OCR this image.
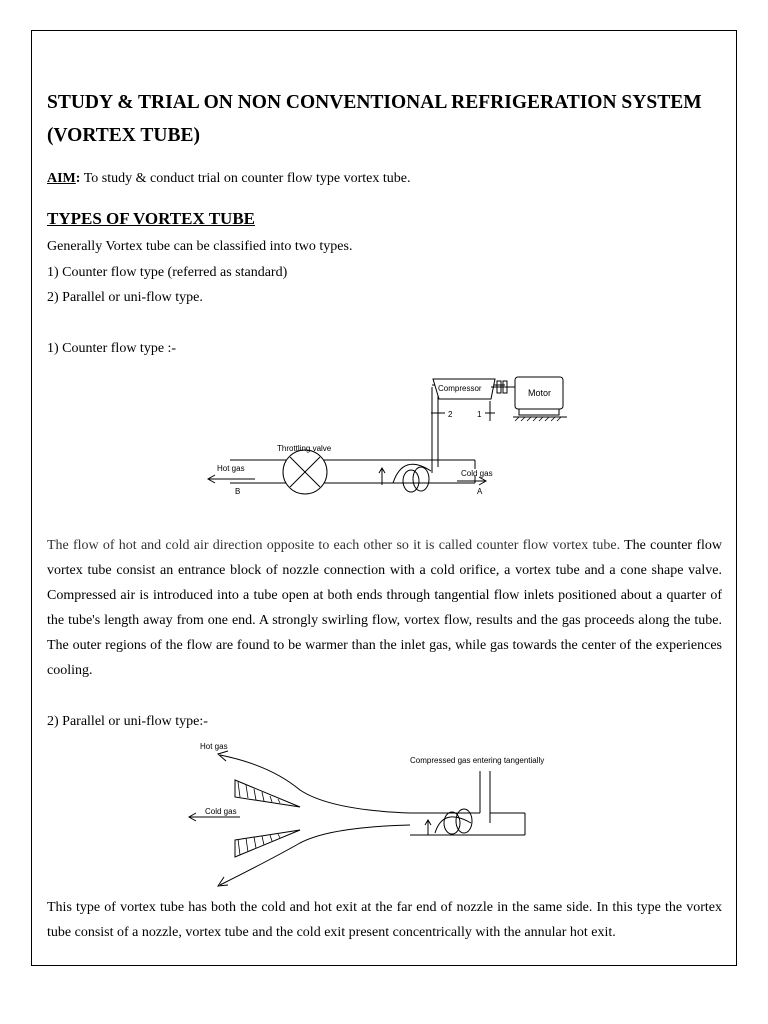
STUDY & TRIAL ON NON CONVENTIONAL REFRIGERATION SYSTEM (VORTEX TUBE)

AIM: To study & conduct trial on counter flow type vortex tube.

TYPES OF VORTEX TUBE

Generally Vortex tube can be classified into two types.

1) Counter flow type (referred as standard)

2) Parallel or uni-flow type.

1) Counter flow type :-

Compressor	Motor
2	1
Throttling valve
Hot gas
Cold gas
B	A

The flow of hot and cold air direction opposite to each other so it is called counter flow vortex tube. The counter flow vortex tube consist an entrance block of nozzle connection with a cold orifice, a vortex tube and a cone shape valve. Compressed air is introduced into a tube open at both ends through tangential flow inlets positioned about a quarter of the tube's length away from one end. A strongly swirling flow, vortex flow, results and the gas proceeds along the tube. The outer regions of the flow are found to be warmer than the inlet gas, while gas towards the center of the experiences cooling.

2) Parallel or uni-flow type:-

Hot gas
Cold gas
Compressed gas entering tangentially

This type of vortex tube has both the cold and hot exit at the far end of nozzle in the same side. In this type the vortex tube consist of a nozzle, vortex tube and the cold exit present concentrically with the annular hot exit.
